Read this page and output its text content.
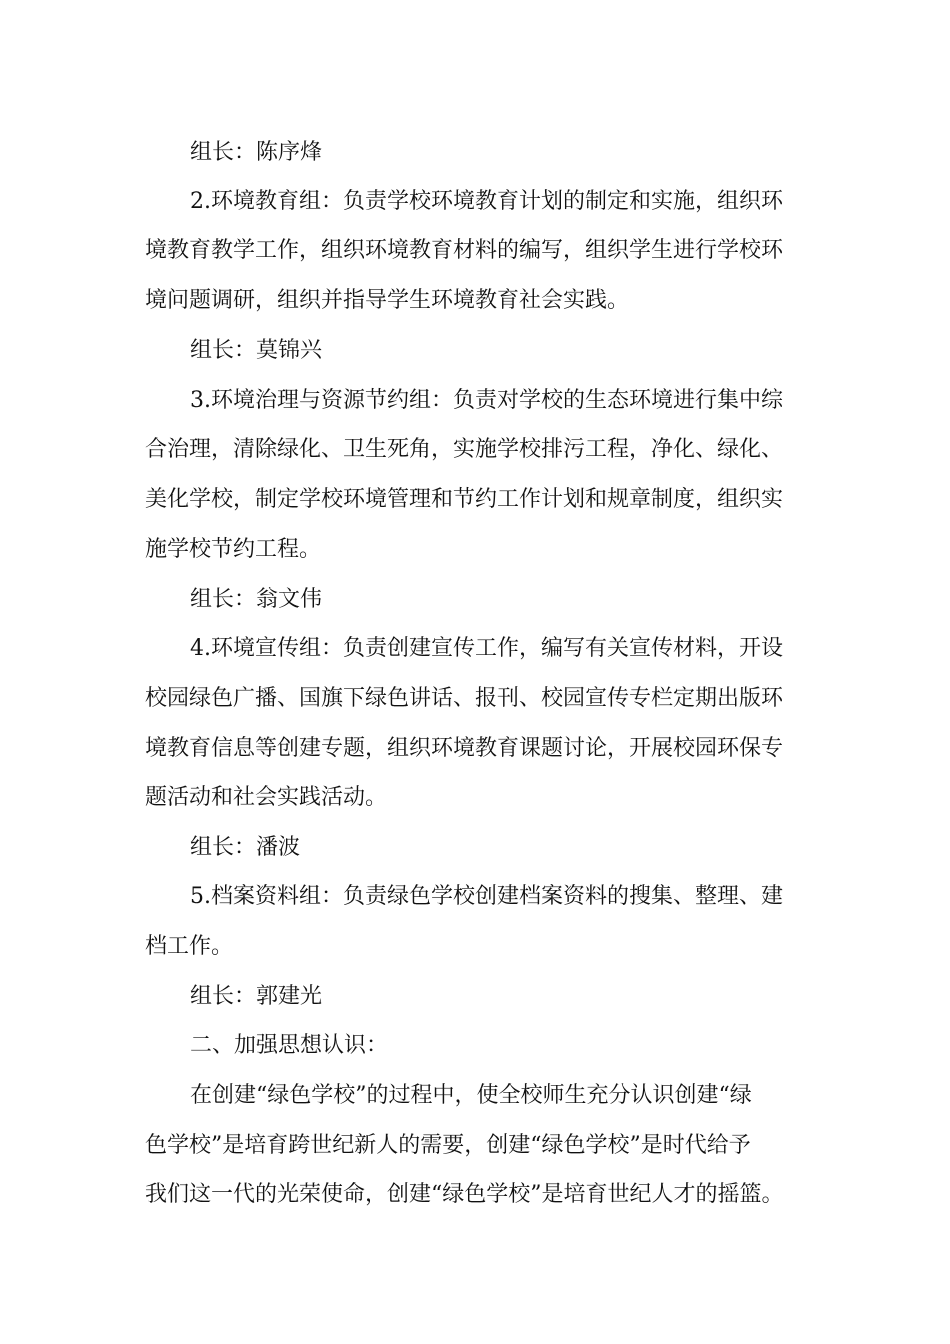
组长：陈序烽
2.环境教育组：负责学校环境教育计划的制定和实施，组织环
境教育教学工作，组织环境教育材料的编写，组织学生进行学校环
境问题调研，组织并指导学生环境教育社会实践。
组长：莫锦兴
3.环境治理与资源节约组：负责对学校的生态环境进行集中综
合治理，清除绿化、卫生死角，实施学校排污工程，净化、绿化、
美化学校，制定学校环境管理和节约工作计划和规章制度，组织实
施学校节约工程。
组长：翁文伟
4.环境宣传组：负责创建宣传工作，编写有关宣传材料，开设
校园绿色广播、国旗下绿色讲话、报刊、校园宣传专栏定期出版环
境教育信息等创建专题，组织环境教育课题讨论，开展校园环保专
题活动和社会实践活动。
组长：潘波
5.档案资料组：负责绿色学校创建档案资料的搜集、整理、建
档工作。
组长：郭建光
二、加强思想认识：
在创建“绿色学校”的过程中，使全校师生充分认识创建“绿
色学校”是培育跨世纪新人的需要，创建“绿色学校”是时代给予
我们这一代的光荣使命，创建“绿色学校”是培育世纪人才的摇篮。
